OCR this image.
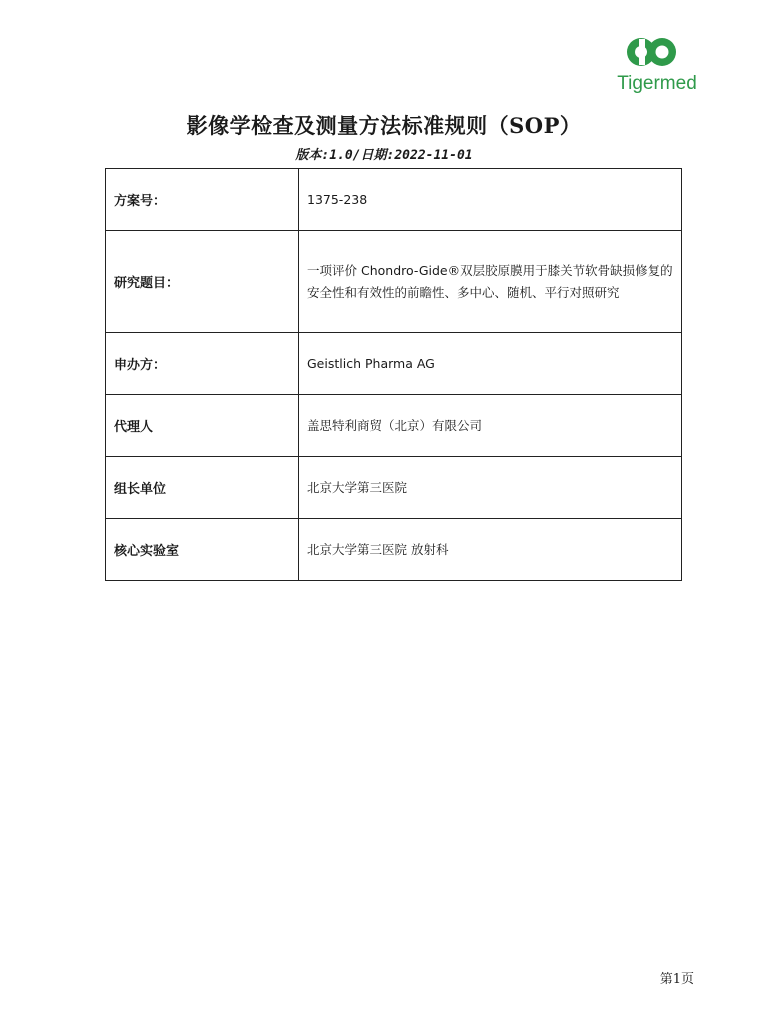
Tigermed
影像学检查及测量方法标准规则（SOP）
版本:1.0/日期:2022-11-01
方案号：	1375-238
研究题目：	一项评价 Chondro-Gide®双层胶原膜用于膝关节软骨缺损修复的安全性和有效性的前瞻性、多中心、随机、平行对照研究
申办方：	Geistlich Pharma AG
代理人	盖思特利商贸（北京）有限公司
组长单位	北京大学第三医院
核心实验室	北京大学第三医院 放射科
第1页
